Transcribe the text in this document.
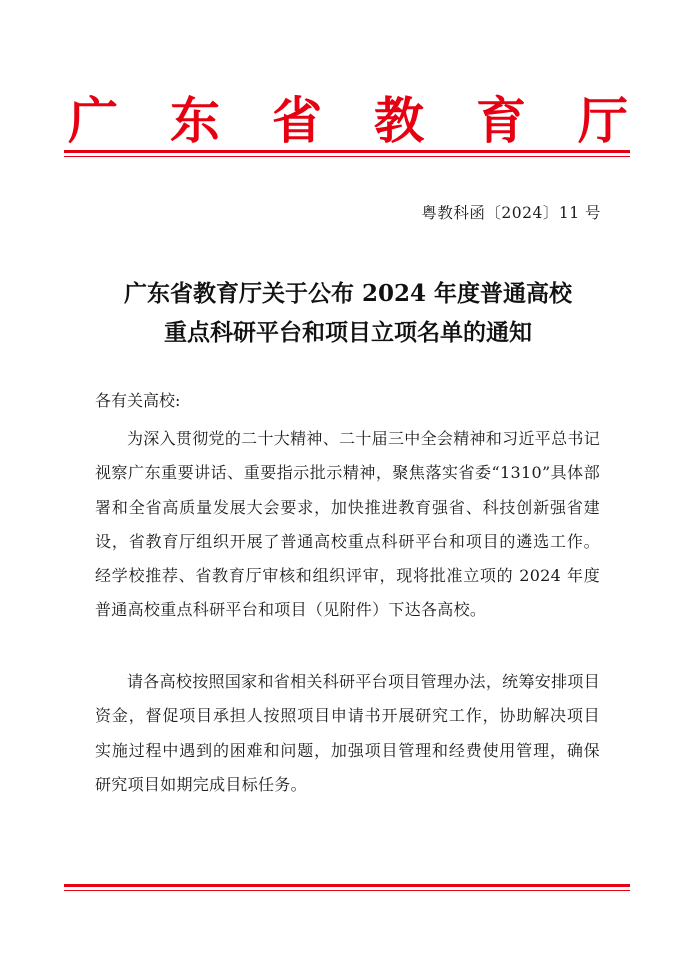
广 东 省 教 育 厅
粤教科函〔2024〕11 号
广东省教育厅关于公布 2024 年度普通高校
重点科研平台和项目立项名单的通知
各有关高校:
为深入贯彻党的二十大精神、二十届三中全会精神和习近平总书记视察广东重要讲话、重要指示批示精神，聚焦落实省委“1310”具体部署和全省高质量发展大会要求，加快推进教育强省、科技创新强省建设，省教育厅组织开展了普通高校重点科研平台和项目的遴选工作。经学校推荐、省教育厅审核和组织评审，现将批准立项的 2024 年度普通高校重点科研平台和项目（见附件）下达各高校。
请各高校按照国家和省相关科研平台项目管理办法，统筹安排项目资金，督促项目承担人按照项目申请书开展研究工作，协助解决项目实施过程中遇到的困难和问题，加强项目管理和经费使用管理，确保研究项目如期完成目标任务。
